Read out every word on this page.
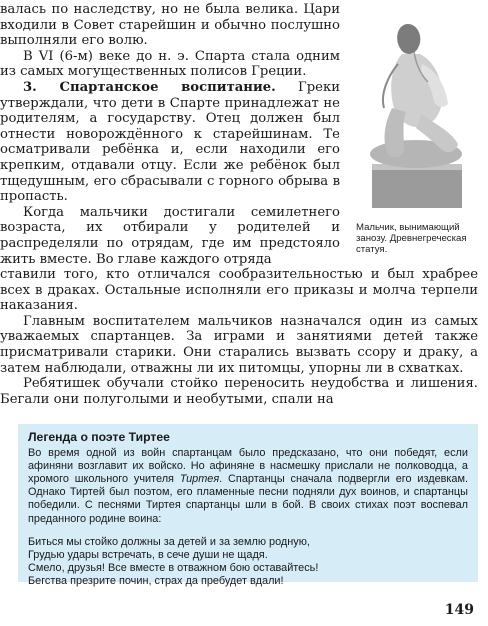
валась по наследству, но не была велика. Цари входили в Совет старейшин и обычно послушно выполняли его волю.

В VI (6-м) веке до н. э. Спарта стала одним из самых могущественных полисов Греции.

3. Спартанское воспитание. Греки утверждали, что дети в Спарте принадлежат не родителям, а государству. Отец должен был отнести новорождённого к старейшинам. Те осматривали ребёнка и, если находили его крепким, отдавали отцу. Если же ребёнок был тщедушным, его сбрасывали с горного обрыва в пропасть.

Когда мальчики достигали семилетнего возраста, их отбирали у родителей и распределяли по отрядам, где им предстояло жить вместе. Во главе каждого отряда

ставили того, кто отличался сообразительностью и был храбрее всех в драках. Остальные исполняли его приказы и молча терпели наказания.

Главным воспитателем мальчиков назначался один из самых уважаемых спартанцев. За играми и занятиями детей также присматривали старики. Они старались вызвать ссору и драку, а затем наблюдали, отважны ли их питомцы, упорны ли в схватках.

Ребятишек обучали стойко переносить неудобства и лишения. Бегали они полуголыми и необутыми, спали на

Мальчик, вынимающий занозу. Древнегреческая статуя.
Легенда о поэте Тиртее

Во время одной из войн спартанцам было предсказано, что они победят, если афиняни возглавит их войско. Но афиняне в насмешку прислали не полководца, а хромого школьного учителя Тиртея. Спартанцы сначала подвергли его издевкам. Однако Тиртей был поэтом, его пламенные песни подняли дух воинов, и спартанцы победили. С песнями Тиртея спартанцы шли в бой. В своих стихах поэт воспевал преданного родине воина:

Биться мы стойко должны за детей и за землю родную,
Грудью удары встречать, в сече души не щадя.
Смело, друзья! Все вместе в отважном бою оставайтесь!
Бегства презрите почин, страх да пребудет вдали!
149
